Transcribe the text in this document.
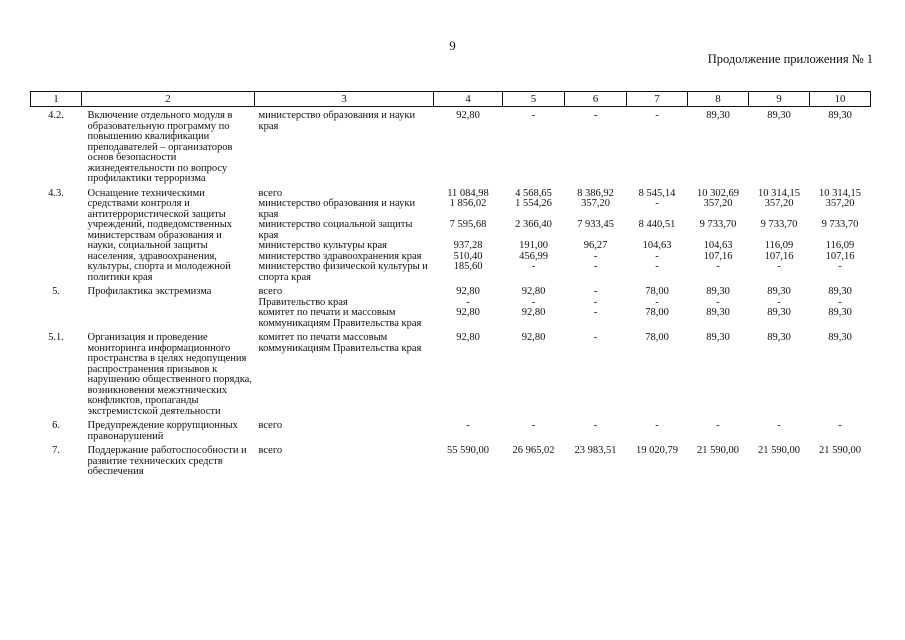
9
Продолжение приложения № 1
1	2	3	4	5	6	7	8	9	10

4.2.	Включение отдельного модуля в образовательную программу по повышению квалификации преподавателей – организаторов основ безопасности жизнедеятельности по вопросу профилактики терроризма	министерство образования и науки края	92,80	-	-	-	89,30	89,30	89,30

4.3.	Оснащение техническими средствами контроля и антитеррористической защиты учреждений, подведомственных министерствам образования и науки, социальной защиты населения, здравоохранения, культуры, спорта и молодежной политики края	всего	11 084,98	4 568,65	8 386,92	8 545,14	10 302,69	10 314,15	10 314,15
		министерство образования и науки края	1 856,02	1 554,26	357,20	-	357,20	357,20	357,20
		министерство социальной защиты края	7 595,68	2 366,40	7 933,45	8 440,51	9 733,70	9 733,70	9 733,70
		министерство культуры края	937,28	191,00	96,27	104,63	104,63	116,09	116,09
		министерство здравоохранения края	510,40	456,99	-	-	107,16	107,16	107,16
		министерство физической культуры и спорта края	185,60	-	-	-	-	-	-

5.	Профилактика экстремизма	всего	92,80	92,80	-	78,00	89,30	89,30	89,30
		Правительство края	-	-	-	-	-	-	-
		комитет по печати и массовым коммуникациям Правительства края	92,80	92,80	-	78,00	89,30	89,30	89,30

5.1.	Организация и проведение мониторинга информационного пространства в целях недопущения распространения призывов к нарушению общественного порядка, возникновения межэтнических конфликтов, пропаганды экстремистской деятельности	комитет по печати массовым коммуникациям Правительства края	92,80	92,80	-	78,00	89,30	89,30	89,30

6.	Предупреждение коррупционных правонарушений	всего	-	-	-	-	-	-	-

7.	Поддержание работоспособности и развитие технических средств обеспечения	всего	55 590,00	26 965,02	23 983,51	19 020,79	21 590,00	21 590,00	21 590,00
